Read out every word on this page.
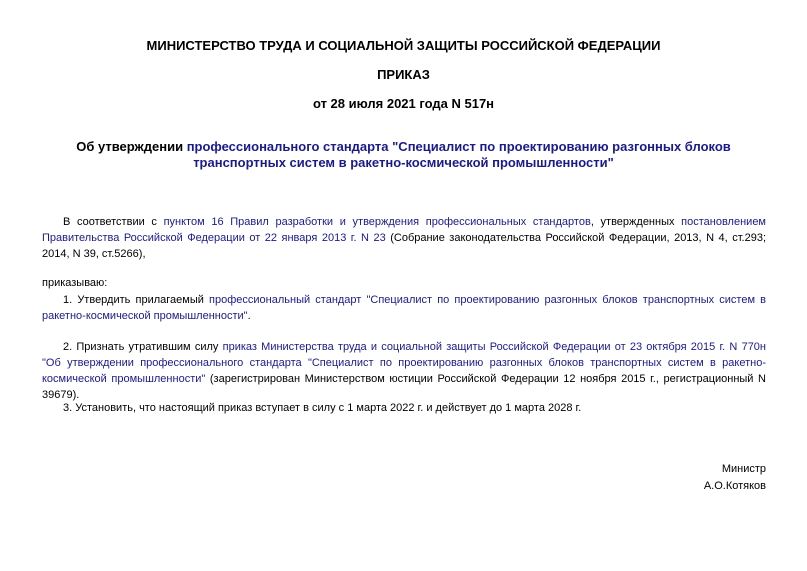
МИНИСТЕРСТВО ТРУДА И СОЦИАЛЬНОЙ ЗАЩИТЫ РОССИЙСКОЙ ФЕДЕРАЦИИ
ПРИКАЗ
от 28 июля 2021 года N 517н
Об утверждении профессионального стандарта "Специалист по проектированию разгонных блоков транспортных систем в ракетно-космической промышленности"
В соответствии с пунктом 16 Правил разработки и утверждения профессиональных стандартов, утвержденных постановлением Правительства Российской Федерации от 22 января 2013 г. N 23 (Собрание законодательства Российской Федерации, 2013, N 4, ст.293; 2014, N 39, ст.5266),
приказываю:
1. Утвердить прилагаемый профессиональный стандарт "Специалист по проектированию разгонных блоков транспортных систем в ракетно-космической промышленности".
2. Признать утратившим силу приказ Министерства труда и социальной защиты Российской Федерации от 23 октября 2015 г. N 770н "Об утверждении профессионального стандарта "Специалист по проектированию разгонных блоков транспортных систем в ракетно-космической промышленности" (зарегистрирован Министерством юстиции Российской Федерации 12 ноября 2015 г., регистрационный N 39679).
3. Установить, что настоящий приказ вступает в силу с 1 марта 2022 г. и действует до 1 марта 2028 г.
Министр
А.О.Котяков
